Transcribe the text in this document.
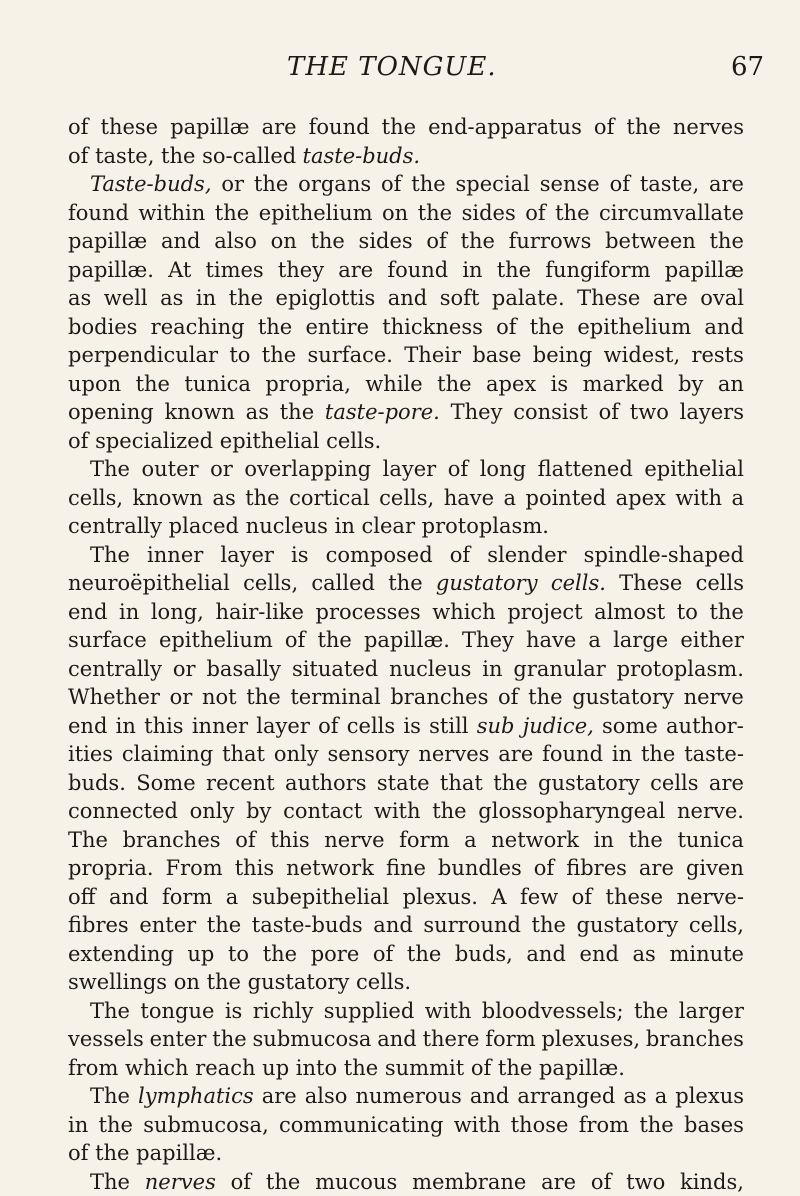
THE TONGUE.	67
of these papillæ are found the end-apparatus of the nerves
of taste, the so-called taste-buds.
Taste-buds, or the organs of the special sense of taste, are
found within the epithelium on the sides of the circumvallate
papillæ and also on the sides of the furrows between the
papillæ. At times they are found in the fungiform papillæ
as well as in the epiglottis and soft palate. These are oval
bodies reaching the entire thickness of the epithelium and
perpendicular to the surface. Their base being widest, rests
upon the tunica propria, while the apex is marked by an
opening known as the taste-pore. They consist of two layers
of specialized epithelial cells.
The outer or overlapping layer of long flattened epithelial
cells, known as the cortical cells, have a pointed apex with a
centrally placed nucleus in clear protoplasm.
The inner layer is composed of slender spindle-shaped
neuroëpithelial cells, called the gustatory cells. These cells
end in long, hair-like processes which project almost to the
surface epithelium of the papillæ. They have a large either
centrally or basally situated nucleus in granular protoplasm.
Whether or not the terminal branches of the gustatory nerve
end in this inner layer of cells is still sub judice, some author-
ities claiming that only sensory nerves are found in the taste-
buds. Some recent authors state that the gustatory cells are
connected only by contact with the glossopharyngeal nerve.
The branches of this nerve form a network in the tunica
propria. From this network fine bundles of fibres are given
off and form a subepithelial plexus. A few of these nerve-
fibres enter the taste-buds and surround the gustatory cells,
extending up to the pore of the buds, and end as minute
swellings on the gustatory cells.
The tongue is richly supplied with bloodvessels; the larger
vessels enter the submucosa and there form plexuses, branches
from which reach up into the summit of the papillæ.
The lymphatics are also numerous and arranged as a plexus
in the submucosa, communicating with those from the bases
of the papillæ.
The nerves of the mucous membrane are of two kinds,
